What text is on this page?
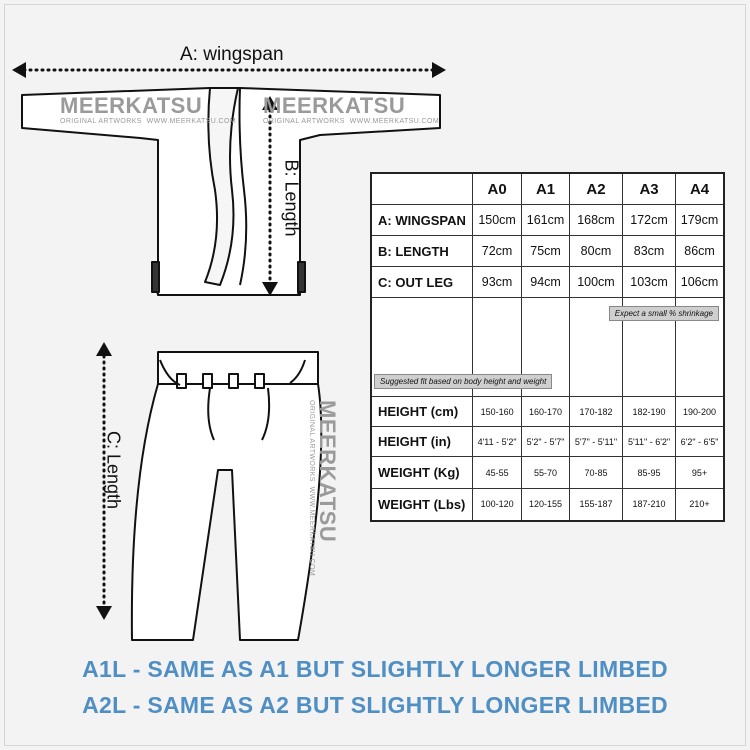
A: wingspan
B: Length
C: Length
MEERKATSU
ORIGINAL ARTWORKS WWW.MEERKATSU.COM
MEERKATSU
ORIGINAL ARTWORKS WWW.MEERKATSU.COM
MEERKATSU
ORIGINAL ARTWORKS  WWW.MEERKATSU.COM
	A0	A1	A2	A3	A4
A: WINGSPAN	150cm	161cm	168cm	172cm	179cm
B: LENGTH	72cm	75cm	80cm	83cm	86cm
C: OUT LEG	93cm	94cm	100cm	103cm	106cm

Suggested fit based on body height and weight					Expect a small % shrinkage

HEIGHT (cm)	150-160	160-170	170-182	182-190	190-200
HEIGHT (in)	4'11 - 5'2"	5'2" - 5'7"	5'7" - 5'11"	5'11" - 6'2"	6'2" - 6'5"
WEIGHT (Kg)	45-55	55-70	70-85	85-95	95+
WEIGHT (Lbs)	100-120	120-155	155-187	187-210	210+
A1L - SAME AS A1 BUT SLIGHTLY LONGER LIMBED
A2L - SAME AS A2 BUT SLIGHTLY LONGER LIMBED
